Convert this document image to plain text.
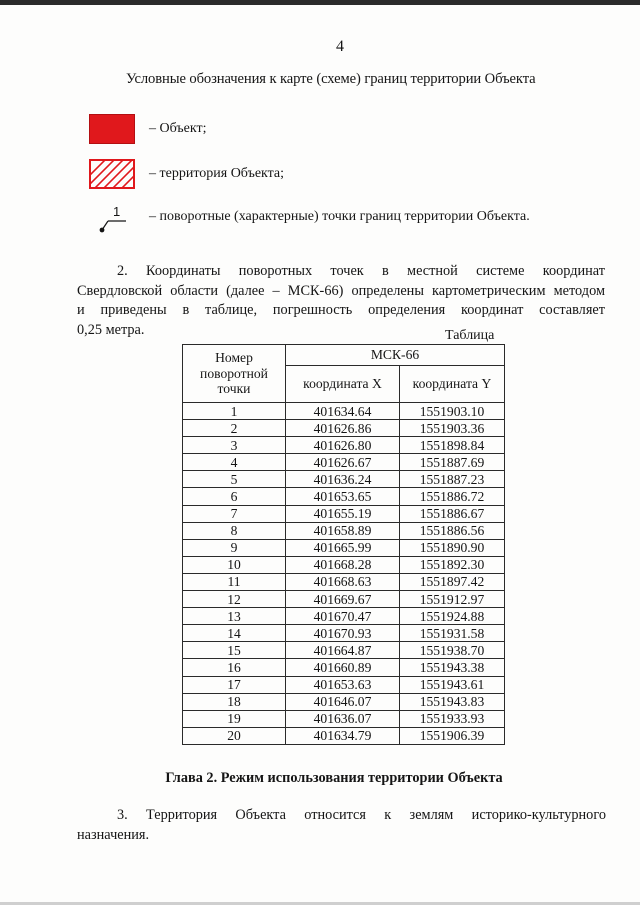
4
Условные обозначения к карте (схеме) границ территории Объекта
– Объект;
– территория Объекта;
1 – поворотные (характерные) точки границ территории Объекта.
2. Координаты поворотных точек в местной системе координат
Свердловской области (далее – МСК-66) определены картометрическим методом
и приведены в таблице, погрешность определения координат составляет
0,25 метра.	Таблица
Номер поворотной точки	МСК-66	
	координата X	координата Y
1	401634.64	1551903.10
2	401626.86	1551903.36
3	401626.80	1551898.84
4	401626.67	1551887.69
5	401636.24	1551887.23
6	401653.65	1551886.72
7	401655.19	1551886.67
8	401658.89	1551886.56
9	401665.99	1551890.90
10	401668.28	1551892.30
11	401668.63	1551897.42
12	401669.67	1551912.97
13	401670.47	1551924.88
14	401670.93	1551931.58
15	401664.87	1551938.70
16	401660.89	1551943.38
17	401653.63	1551943.61
18	401646.07	1551943.83
19	401636.07	1551933.93
20	401634.79	1551906.39
Глава 2. Режим использования территории Объекта
3. Территория Объекта относится к землям историко-культурного
назначения.
